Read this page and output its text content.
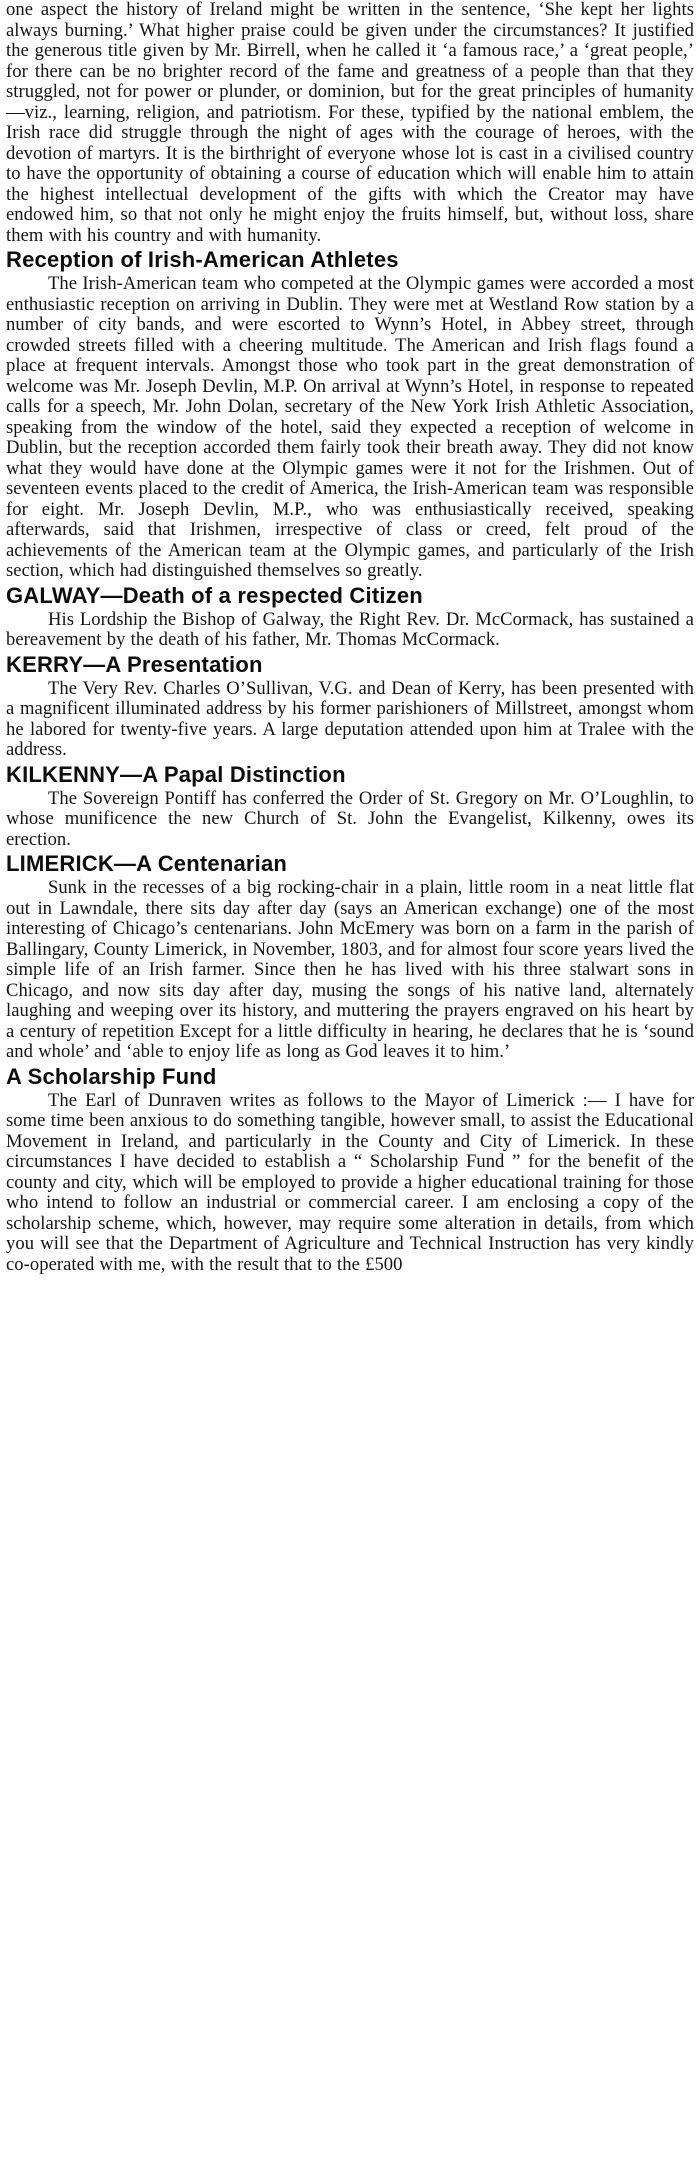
one aspect the history of Ireland might be written in the sentence, ‘She kept her lights always burning.’ What higher praise could be given under the circumstances? It justified the generous title given by Mr. Birrell, when he called it ‘a famous race,’ a ‘great people,’ for there can be no brighter record of the fame and greatness of a people than that they struggled, not for power or plunder, or dominion, but for the great principles of humanity—viz., learning, religion, and patriotism. For these, typified by the national emblem, the Irish race did struggle through the night of ages with the courage of heroes, with the devotion of martyrs. It is the birthright of everyone whose lot is cast in a civilised country to have the opportunity of obtaining a course of education which will enable him to attain the highest intellectual development of the gifts with which the Creator may have endowed him, so that not only he might enjoy the fruits himself, but, without loss, share them with his country and with humanity.

Reception of Irish-American Athletes

The Irish-American team who competed at the Olympic games were accorded a most enthusiastic reception on arriving in Dublin. They were met at Westland Row station by a number of city bands, and were escorted to Wynn’s Hotel, in Abbey street, through crowded streets filled with a cheering multitude. The American and Irish flags found a place at frequent intervals. Amongst those who took part in the great demonstration of welcome was Mr. Joseph Devlin, M.P. On arrival at Wynn’s Hotel, in response to repeated calls for a speech, Mr. John Dolan, secretary of the New York Irish Athletic Association, speaking from the window of the hotel, said they expected a reception of welcome in Dublin, but the reception accorded them fairly took their breath away. They did not know what they would have done at the Olympic games were it not for the Irishmen. Out of seventeen events placed to the credit of America, the Irish-American team was responsible for eight. Mr. Joseph Devlin, M.P., who was enthusiastically received, speaking afterwards, said that Irishmen, irrespective of class or creed, felt proud of the achievements of the American team at the Olympic games, and particularly of the Irish section, which had distinguished themselves so greatly.

GALWAY—Death of a respected Citizen

His Lordship the Bishop of Galway, the Right Rev. Dr. McCormack, has sustained a bereavement by the death of his father, Mr. Thomas McCormack.

KERRY—A Presentation

The Very Rev. Charles O’Sullivan, V.G. and Dean of Kerry, has been presented with a magnificent illuminated address by his former parishioners of Millstreet, amongst whom he labored for twenty-five years. A large deputation attended upon him at Tralee with the address.

KILKENNY—A Papal Distinction

The Sovereign Pontiff has conferred the Order of St. Gregory on Mr. O’Loughlin, to whose munificence the new Church of St. John the Evangelist, Kilkenny, owes its erection.

LIMERICK—A Centenarian

Sunk in the recesses of a big rocking-chair in a plain, little room in a neat little flat out in Lawndale, there sits day after day (says an American exchange) one of the most interesting of Chicago’s centenarians. John McEmery was born on a farm in the parish of Ballingary, County Limerick, in November, 1803, and for almost four score years lived the simple life of an Irish farmer. Since then he has lived with his three stalwart sons in Chicago, and now sits day after day, musing the songs of his native land, alternately laughing and weeping over its history, and muttering the prayers engraved on his heart by a century of repetition Except for a little difficulty in hearing, he declares that he is ‘sound and whole’ and ‘able to enjoy life as long as God leaves it to him.’

A Scholarship Fund

The Earl of Dunraven writes as follows to the Mayor of Limerick :— I have for some time been anxious to do something tangible, however small, to assist the Educational Movement in Ireland, and particularly in the County and City of Limerick. In these circumstances I have decided to establish a “ Scholarship Fund ” for the benefit of the county and city, which will be employed to provide a higher educational training for those who intend to follow an industrial or commercial career. I am enclosing a copy of the scholarship scheme, which, however, may require some alteration in details, from which you will see that the Department of Agriculture and Technical Instruction has very kindly co-operated with me, with the result that to the £500
